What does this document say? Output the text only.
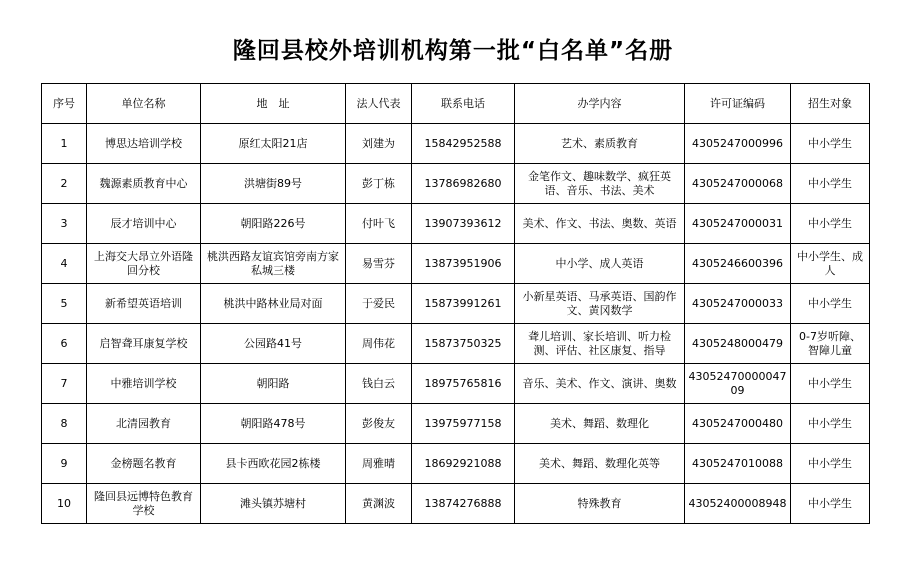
隆回县校外培训机构第一批“白名单”名册
序号	单位名称	地　址	法人代表	联系电话	办学内容	许可证编码	招生对象
1	博思达培训学校	原红太阳21店	刘建为	15842952588	艺术、素质教育	4305247000996	中小学生
2	魏源素质教育中心	洪塘街89号	彭丁栋	13786982680	金笔作文、趣味数学、疯狂英语、音乐、书法、美术	4305247000068	中小学生
3	辰才培训中心	朝阳路226号	付叶飞	13907393612	美术、作文、书法、奥数、英语	4305247000031	中小学生
4	上海交大昂立外语隆回分校	桃洪西路友谊宾馆旁南方家私城三楼	易雪芬	13873951906	中小学、成人英语	4305246600396	中小学生、成人
5	新希望英语培训	桃洪中路林业局对面	于爱民	15873991261	小新星英语、马承英语、国韵作文、黄冈数学	4305247000033	中小学生
6	启智聋耳康复学校	公园路41号	周伟花	15873750325	聋儿培训、家长培训、听力检测、评估、社区康复、指导	4305248000479	0-7岁听障、智障儿童
7	中雅培训学校	朝阳路	钱白云	18975765816	音乐、美术、作文、演讲、奥数	43052470000047​09	中小学生
8	北清园教育	朝阳路478号	彭俊友	13975977158	美术、舞蹈、数理化	4305247000480	中小学生
9	金榜题名教育	县卡西欧花园2栋楼	周雅晴	18692921088	美术、舞蹈、数理化英等	4305247010088	中小学生
10	隆回县远博特色教育学校	滩头镇苏塘村	黄渊波	13874276888	特殊教育	43052400008948	中小学生
